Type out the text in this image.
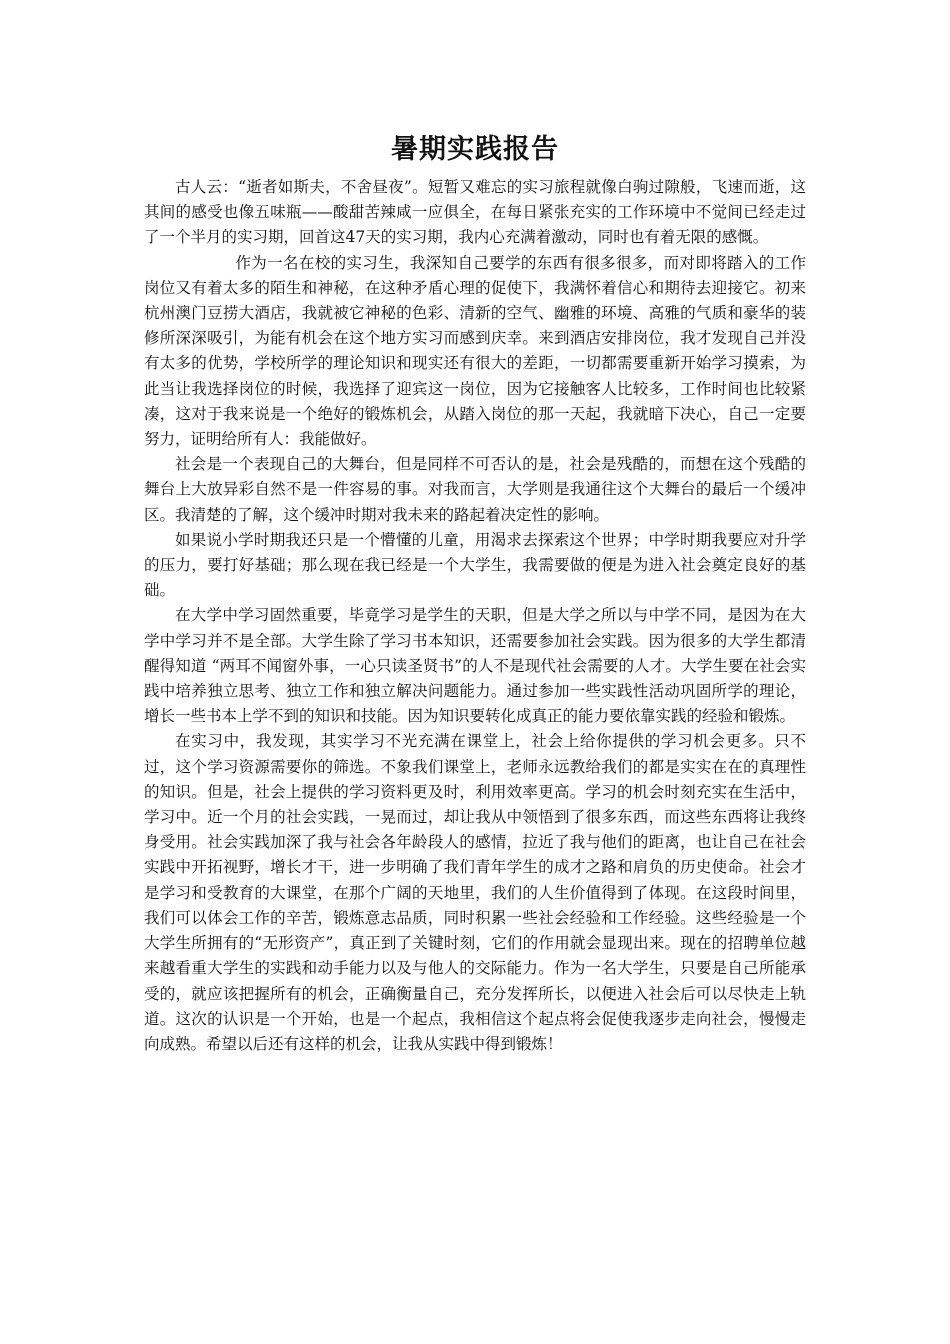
暑期实践报告

古人云：“逝者如斯夫，不舍昼夜”。短暂又难忘的实习旅程就像白驹过隙般，飞速而逝，这其间的感受也像五味瓶——酸甜苦辣咸一应俱全，在每日紧张充实的工作环境中不觉间已经走过了一个半月的实习期，回首这47天的实习期，我内心充满着激动，同时也有着无限的感慨。

作为一名在校的实习生，我深知自己要学的东西有很多很多，而对即将踏入的工作岗位又有着太多的陌生和神秘，在这种矛盾心理的促使下，我满怀着信心和期待去迎接它。初来杭州澳门豆捞大酒店，我就被它神秘的色彩、清新的空气、幽雅的环境、高雅的气质和豪华的装修所深深吸引，为能有机会在这个地方实习而感到庆幸。来到酒店安排岗位，我才发现自己并没有太多的优势，学校所学的理论知识和现实还有很大的差距，一切都需要重新开始学习摸索，为此当让我选择岗位的时候，我选择了迎宾这一岗位，因为它接触客人比较多，工作时间也比较紧凑，这对于我来说是一个绝好的锻炼机会，从踏入岗位的那一天起，我就暗下决心，自己一定要努力，证明给所有人：我能做好。

社会是一个表现自己的大舞台，但是同样不可否认的是，社会是残酷的，而想在这个残酷的舞台上大放异彩自然不是一件容易的事。对我而言，大学则是我通往这个大舞台的最后一个缓冲区。我清楚的了解，这个缓冲时期对我未来的路起着决定性的影响。

如果说小学时期我还只是一个懵懂的儿童，用渴求去探索这个世界；中学时期我要应对升学的压力，要打好基础；那么现在我已经是一个大学生，我需要做的便是为进入社会奠定良好的基础。

在大学中学习固然重要，毕竟学习是学生的天职，但是大学之所以与中学不同，是因为在大学中学习并不是全部。大学生除了学习书本知识，还需要参加社会实践。因为很多的大学生都清醒得知道 “两耳不闻窗外事，一心只读圣贤书”的人不是现代社会需要的人才。大学生要在社会实践中培养独立思考、独立工作和独立解决问题能力。通过参加一些实践性活动巩固所学的理论，增长一些书本上学不到的知识和技能。因为知识要转化成真正的能力要依靠实践的经验和锻炼。

在实习中，我发现，其实学习不光充满在课堂上，社会上给你提供的学习机会更多。只不过，这个学习资源需要你的筛选。不象我们课堂上，老师永远教给我们的都是实实在在的真理性的知识。但是，社会上提供的学习资料更及时，利用效率更高。学习的机会时刻充实在生活中，学习中。近一个月的社会实践，一晃而过，却让我从中领悟到了很多东西，而这些东西将让我终身受用。社会实践加深了我与社会各年龄段人的感情，拉近了我与他们的距离，也让自己在社会实践中开拓视野，增长才干，进一步明确了我们青年学生的成才之路和肩负的历史使命。社会才是学习和受教育的大课堂，在那个广阔的天地里，我们的人生价值得到了体现。在这段时间里，我们可以体会工作的辛苦，锻炼意志品质，同时积累一些社会经验和工作经验。这些经验是一个大学生所拥有的“无形资产”，真正到了关键时刻，它们的作用就会显现出来。现在的招聘单位越来越看重大学生的实践和动手能力以及与他人的交际能力。作为一名大学生，只要是自己所能承受的，就应该把握所有的机会，正确衡量自己，充分发挥所长，以便进入社会后可以尽快走上轨道。这次的认识是一个开始，也是一个起点，我相信这个起点将会促使我逐步走向社会，慢慢走向成熟。希望以后还有这样的机会，让我从实践中得到锻炼！
